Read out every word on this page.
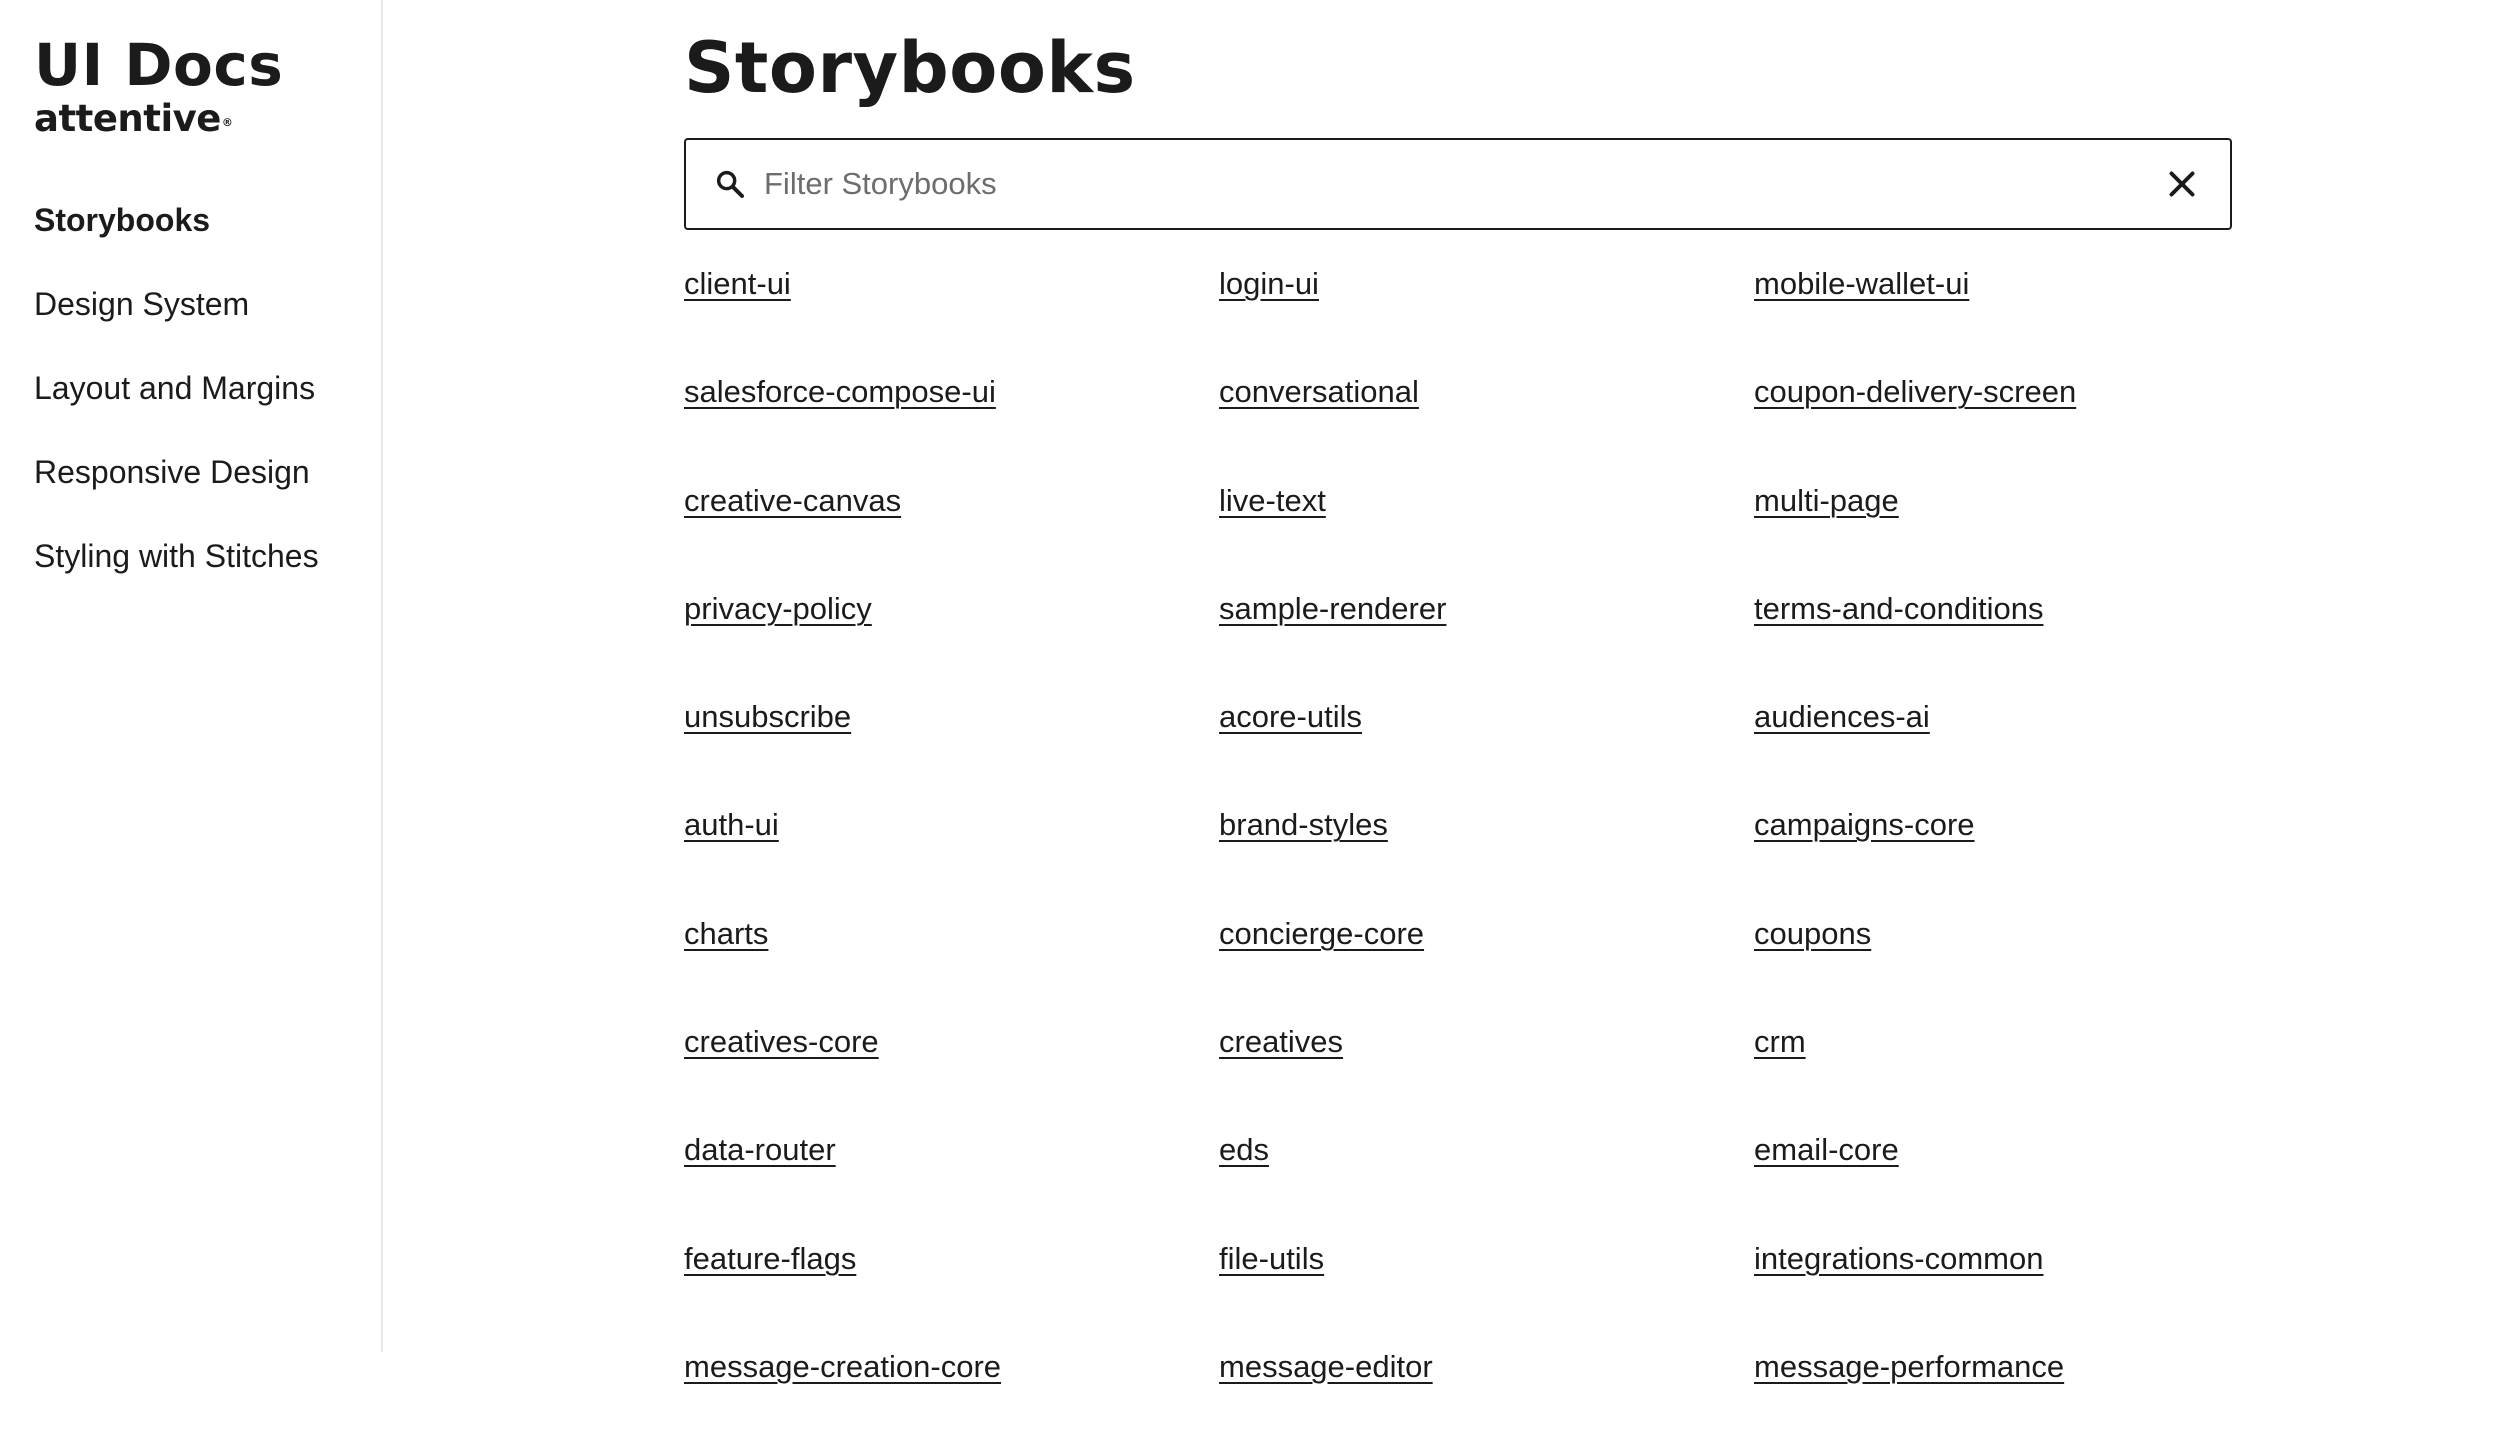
UI Docs
attentive®
Storybooks
Design System
Layout and Margins
Responsive Design
Styling with Stitches
Storybooks
Filter Storybooks
client-ui	login-ui	mobile-wallet-ui
salesforce-compose-ui	conversational	coupon-delivery-screen
creative-canvas	live-text	multi-page
privacy-policy	sample-renderer	terms-and-conditions
unsubscribe	acore-utils	audiences-ai
auth-ui	brand-styles	campaigns-core
charts	concierge-core	coupons
creatives-core	creatives	crm
data-router	eds	email-core
feature-flags	file-utils	integrations-common
message-creation-core	message-editor	message-performance
